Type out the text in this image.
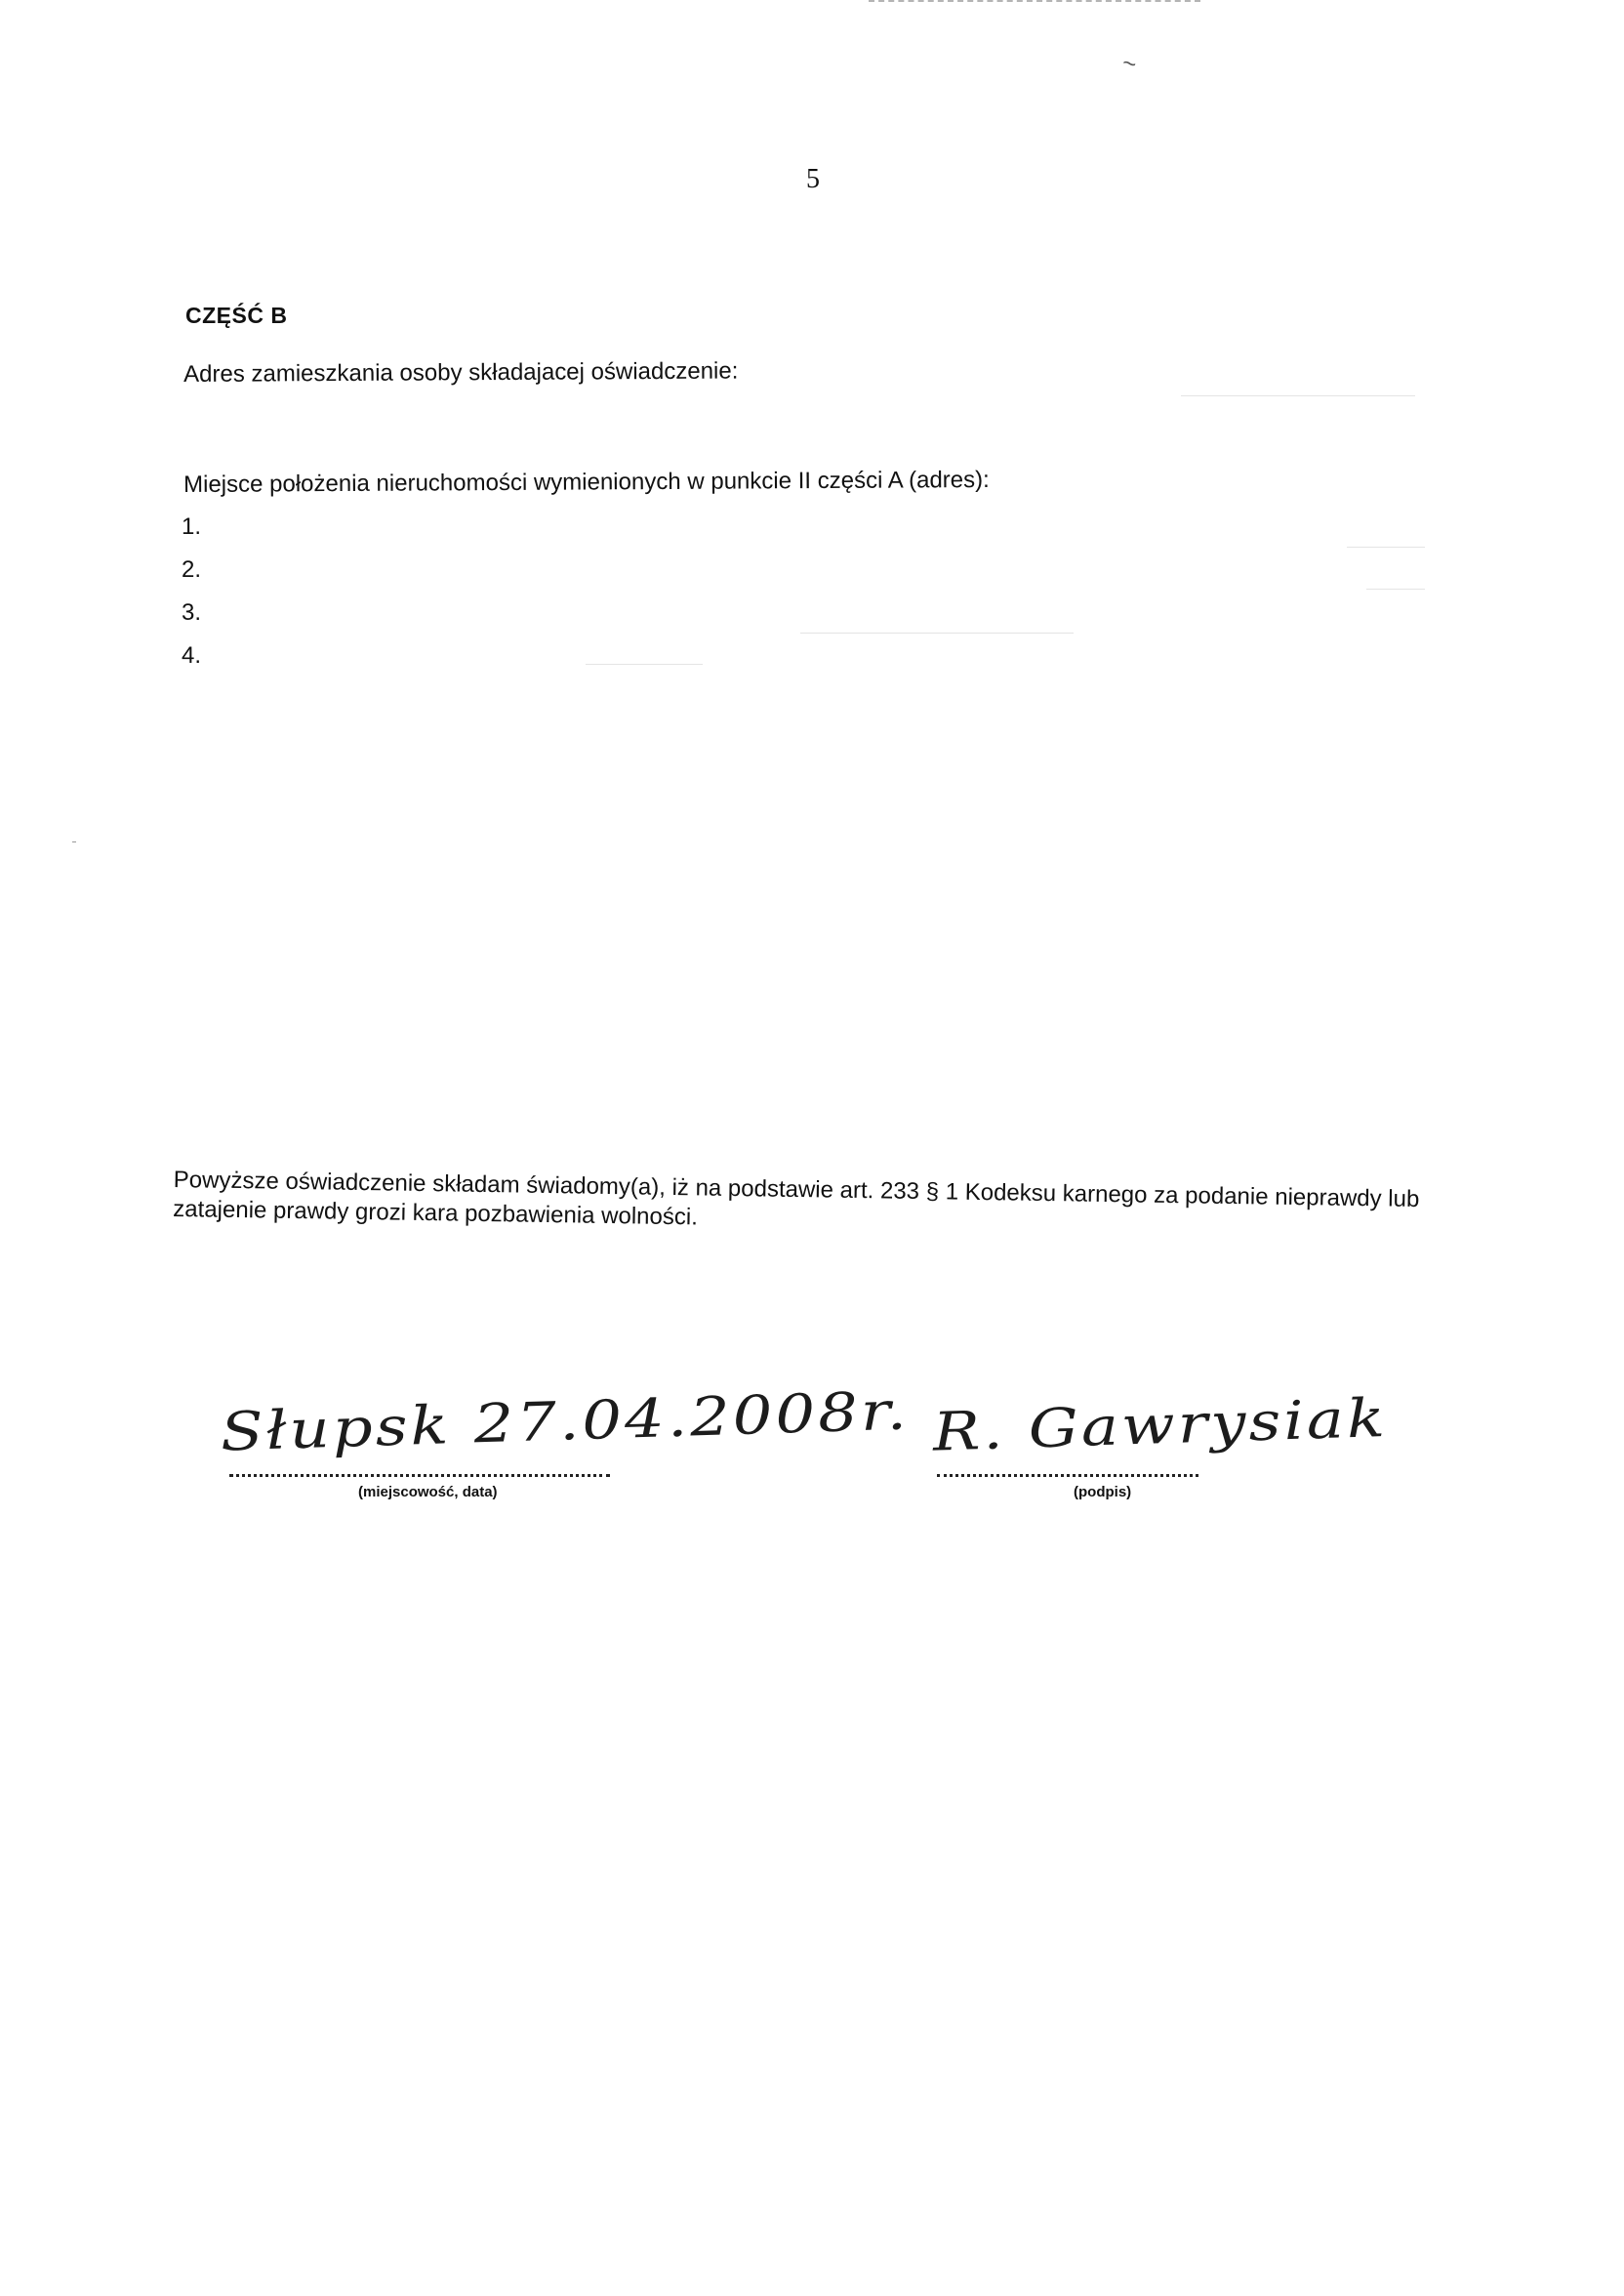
~
5
CZĘŚĆ B
Adres zamieszkania osoby składajacej oświadczenie:
Miejsce położenia nieruchomości wymienionych w punkcie II części A (adres):
1.
2.
3.
4.
Powyższe oświadczenie składam świadomy(a), iż na podstawie art. 233 § 1 Kodeksu karnego za podanie nieprawdy lub zatajenie prawdy grozi kara pozbawienia wolności.
Słupsk 27.04.2008r.
(miejscowość, data)
R. Gawrysiak
(podpis)
